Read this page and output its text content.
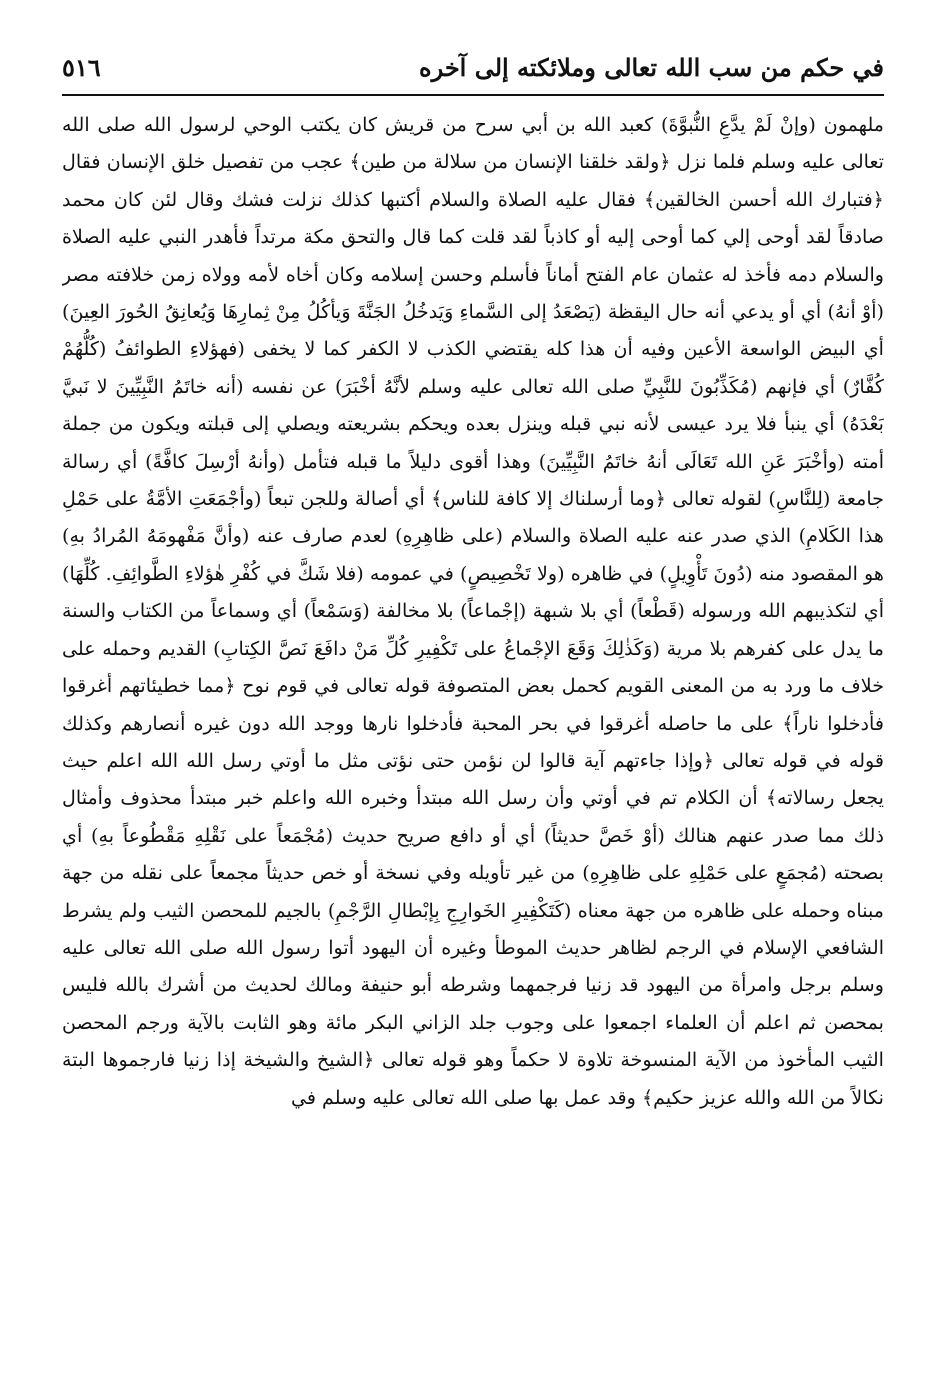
٥١٦	في حكم من سب الله تعالى وملائكته إلى آخره

ملهمون (وإنْ لَمْ يدَّعِ النُّبوَّةَ) كعبد الله بن أبي سرح من قريش كان يكتب الوحي لرسول الله صلى الله تعالى عليه وسلم فلما نزل ﴿ولقد خلقنا الإنسان من سلالة من طين﴾ عجب من تفصيل خلق الإنسان فقال ﴿فتبارك الله أحسن الخالقين﴾ فقال عليه الصلاة والسلام أكتبها كذلك نزلت فشك وقال لئن كان محمد صادقاً لقد أوحى إلي كما أوحى إليه أو كاذباً لقد قلت كما قال والتحق مكة مرتداً فأهدر النبي عليه الصلاة والسلام دمه فأخذ له عثمان عام الفتح أماناً فأسلم وحسن إسلامه وكان أخاه لأمه وولاه زمن خلافته مصر (أوْ أنهُ) أي أو يدعي أنه حال اليقظة (يَصْعَدُ إلى السَّماءِ وَيَدخُلُ الجَنَّةَ وَيأكُلُ مِنْ ثِمارِهَا وَيُعانِقُ الحُورَ العِينَ) أي البيض الواسعة الأعين وفيه أن هذا كله يقتضي الكذب لا الكفر كما لا يخفى (فهؤلاءِ الطوائفُ (كُلُّهُمْ كُفَّارٌ) أي فإنهم (مُكَذِّبُونَ للنَّبِيِّ صلى الله تعالى عليه وسلم لأنَّهُ أخْبَرَ) عن نفسه (أنه خاتَمُ النَّبِيِّينَ لا نَبيَّ بَعْدَهُ) أي ينبأ فلا يرد عيسى لأنه نبي قبله وينزل بعده ويحكم بشريعته ويصلي إلى قبلته ويكون من جملة أمته (وأخْبَرَ عَنِ الله تَعَالَى أنهُ خاتَمُ النَّبِيِّينَ) وهذا أقوى دليلاً ما قبله فتأمل (وأنهُ أرْسِلَ كافَّةً) أي رسالة جامعة (لِلنَّاسِ) لقوله تعالى ﴿وما أرسلناك إلا كافة للناس﴾ أي أصالة وللجن تبعاً (وأجْمَعَتِ الأمَّةُ على حَمْلِ هذا الكَلامِ) الذي صدر عنه عليه الصلاة والسلام (على ظاهِرِهِ) لعدم صارف عنه (وأنَّ مَفْهومَهُ المُرادُ بهِ) هو المقصود منه (دُونَ تَأْوِيلٍ) في ظاهره (ولا تَخْصِيصٍ) في عمومه (فلا شَكَّ في كُفْرِ هٰؤلاءِ الطَّوائِفِ. كُلِّهَا) أي لتكذيبهم الله ورسوله (قَطْعاً) أي بلا شبهة (إجْماعاً) بلا مخالفة (وَسَمْعاً) أي وسماعاً من الكتاب والسنة ما يدل على كفرهم بلا مرية (وَكَذٰلِكَ وَقَعَ الإجْماعُ على تَكْفِيرِ كُلِّ مَنْ دافَعَ نَصَّ الكِتابِ) القديم وحمله على خلاف ما ورد به من المعنى القويم كحمل بعض المتصوفة قوله تعالى في قوم نوح ﴿مما خطيئاتهم أغرقوا فأدخلوا ناراً﴾ على ما حاصله أغرقوا في بحر المحبة فأدخلوا نارها ووجد الله دون غيره أنصارهم وكذلك قوله في قوله تعالى ﴿وإذا جاءتهم آية قالوا لن نؤمن حتى نؤتى مثل ما أوتي رسل الله الله اعلم حيث يجعل رسالاته﴾ أن الكلام تم في أوتي وأن رسل الله مبتدأ وخبره الله واعلم خبر مبتدأ محذوف وأمثال ذلك مما صدر عنهم هنالك (أوْ خَصَّ حديثاً) أي أو دافع صريح حديث (مُجْمَعاً على نَقْلِهِ مَقْطُوعاً بهِ) أي بصحته (مُجمَعٍ على حَمْلِهِ على ظاهِرِهِ) من غير تأويله وفي نسخة أو خص حديثاً مجمعاً على نقله من جهة مبناه وحمله على ظاهره من جهة معناه (كَتَكْفِيرِ الخَوارِجِ بِإبْطالِ الرَّجْمِ) بالجيم للمحصن الثيب ولم يشرط الشافعي الإسلام في الرجم لظاهر حديث الموطأ وغيره أن اليهود أتوا رسول الله صلى الله تعالى عليه وسلم برجل وامرأة من اليهود قد زنيا فرجمهما وشرطه أبو حنيفة ومالك لحديث من أشرك بالله فليس بمحصن ثم اعلم أن العلماء اجمعوا على وجوب جلد الزاني البكر مائة وهو الثابت بالآية ورجم المحصن الثيب المأخوذ من الآية المنسوخة تلاوة لا حكماً وهو قوله تعالى ﴿الشيخ والشيخة إذا زنيا فارجموها البتة نكالاً من الله والله عزيز حكيم﴾ وقد عمل بها صلى الله تعالى عليه وسلم في
